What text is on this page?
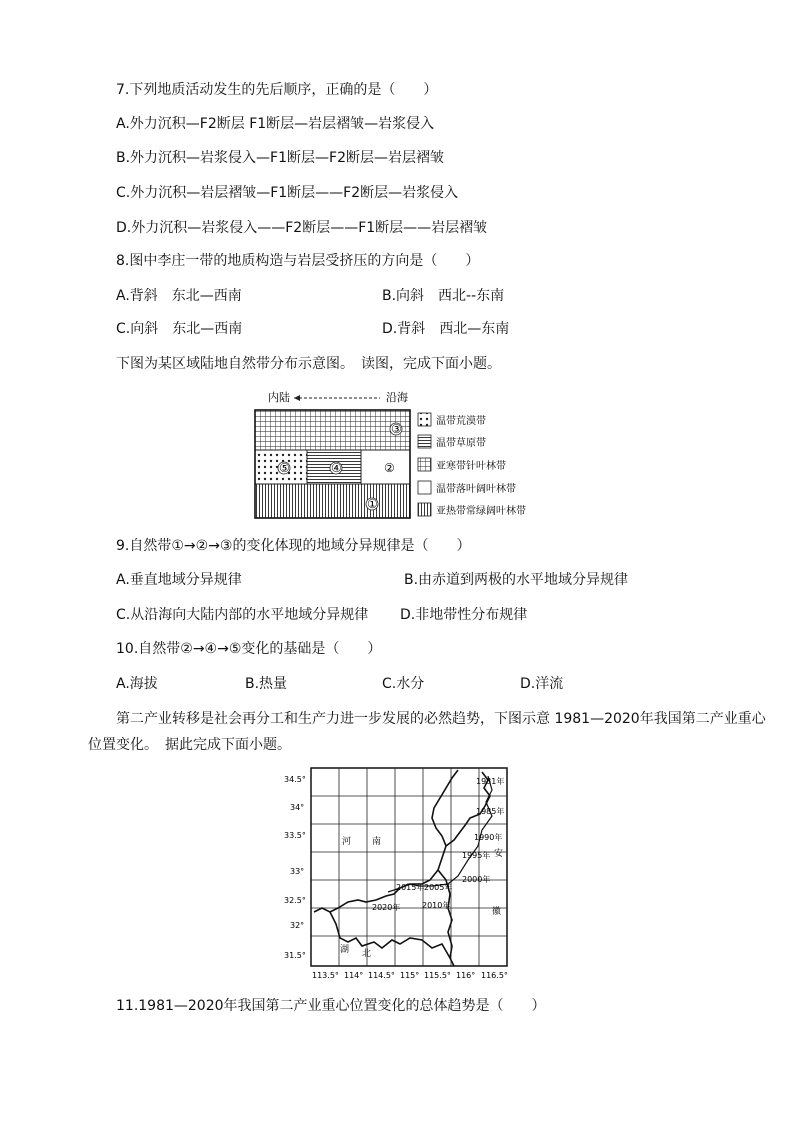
7.下列地质活动发生的先后顺序，正确的是（　　）
A.外力沉积—F2断层 F1断层—岩层褶皱—岩浆侵入
B.外力沉积—岩浆侵入—F1断层—F2断层—岩层褶皱
C.外力沉积—岩层褶皱—F1断层——F2断层—岩浆侵入
D.外力沉积—岩浆侵入——F2断层——F1断层——岩层褶皱
8.图中李庄一带的地质构造与岩层受挤压的方向是（　　）
A.背斜　东北—西南	B.向斜　西北--东南
C.向斜　东北—西南	D.背斜　西北—东南
下图为某区域陆地自然带分布示意图。　读图，完成下面小题。
内陆	沿海
③
⑤	④	②
①
温带荒漠带
温带草原带
亚寒带针叶林带
温带落叶阔叶林带
亚热带常绿阔叶林带
9.自然带①→②→③的变化体现的地域分异规律是（　　）
A.垂直地域分异规律	B.由赤道到两极的水平地域分异规律
C.从沿海向大陆内部的水平地域分异规律 D.非地带性分布规律
10.自然带②→④→⑤变化的基础是（　　）
A.海拔	B.热量	C.水分	D.洋流
第二产业转移是社会再分工和生产力进一步发展的必然趋势，下图示意 1981—2020年我国第二产业重心位置变化。　据此完成下面小题。
34.5°
34°
33.5°
33°
32.5°
32°
31.5°
113.5° 114° 114.5° 115° 115.5° 116° 116.5°
河 南
安
徽
湖 北
1981年
1985年
1990年
1995年
2000年
2015年 2005年
2010年
2020年
11.1981—2020年我国第二产业重心位置变化的总体趋势是（　　）
